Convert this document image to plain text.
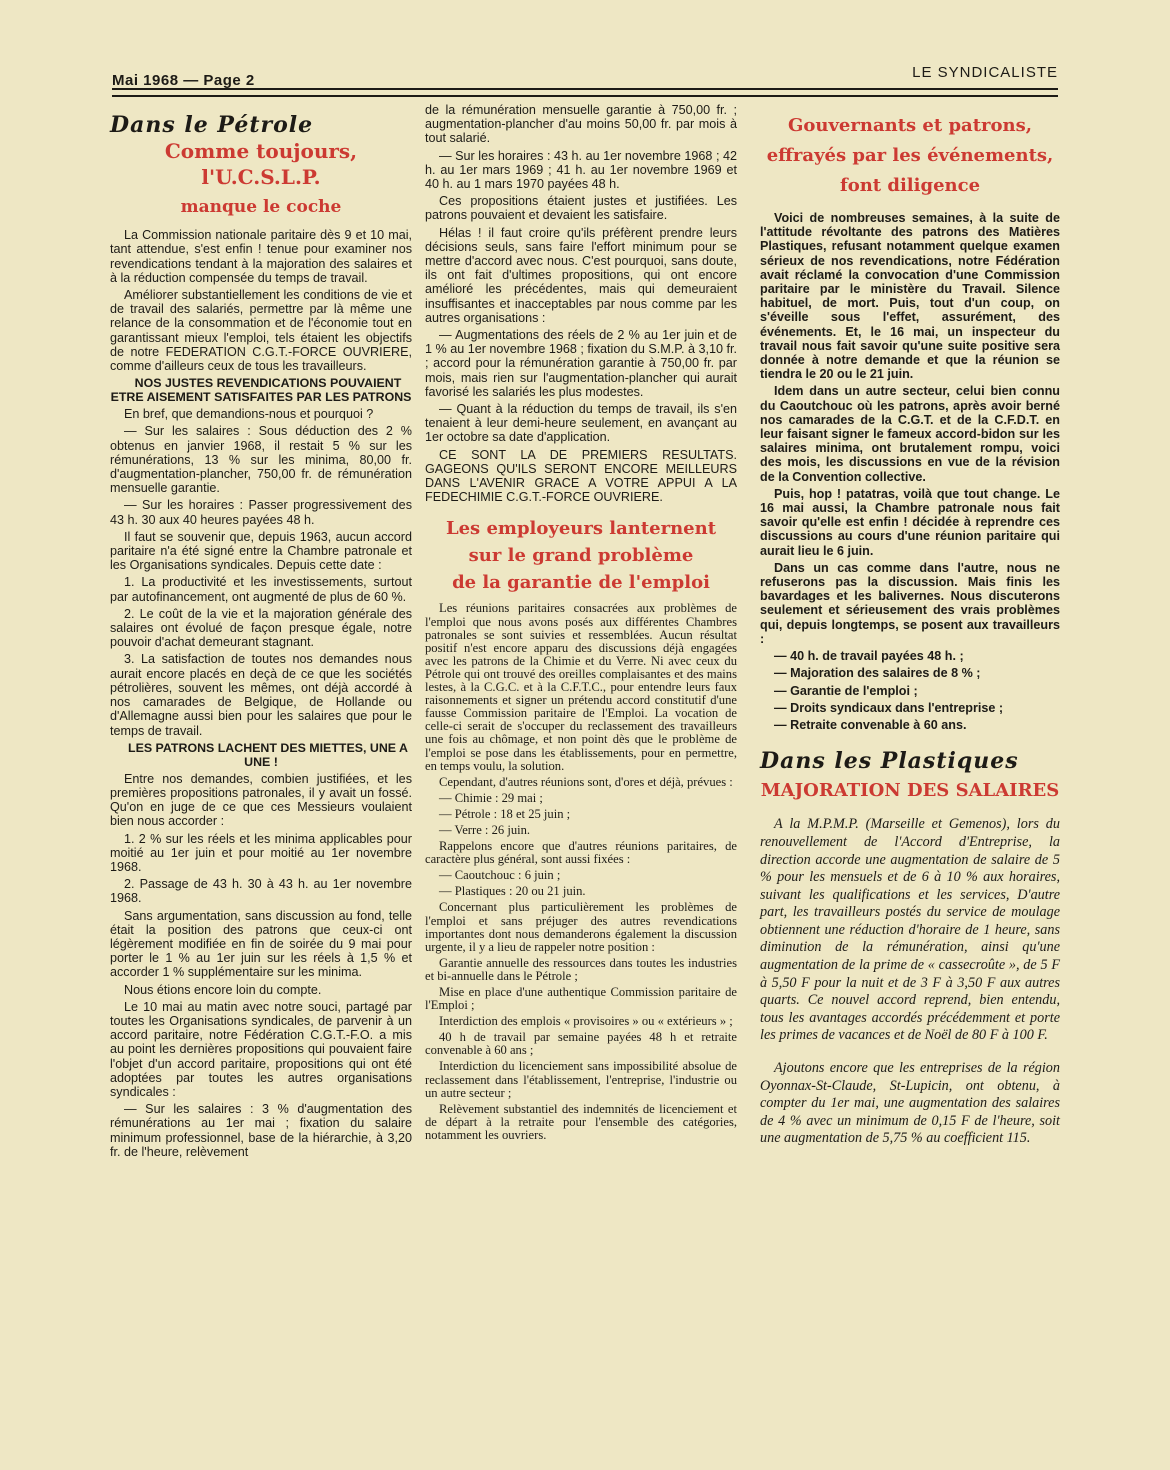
Mai 1968 — Page 2	LE SYNDICALISTE
Dans le Pétrole
Comme toujours, l'U.C.S.L.P.
manque le coche

La Commission nationale paritaire dès 9 et 10 mai, tant attendue, s'est enfin ! tenue pour examiner nos revendications tendant à la majoration des salaires et à la réduction compensée du temps de travail.

Améliorer substantiellement les conditions de vie et de travail des salariés, permettre par là même une relance de la consommation et de l'économie tout en garantissant mieux l'emploi, tels étaient les objectifs de notre FEDERATION C.G.T.-FORCE OUVRIERE, comme d'ailleurs ceux de tous les travailleurs.

NOS JUSTES REVENDICATIONS POUVAIENT ETRE AISEMENT SATISFAITES PAR LES PATRONS

En bref, que demandions-nous et pourquoi ?

— Sur les salaires : Sous déduction des 2 % obtenus en janvier 1968, il restait 5 % sur les rémunérations, 13 % sur les minima, 80,00 fr. d'augmentation-plancher, 750,00 fr. de rémunération mensuelle garantie.

— Sur les horaires : Passer progressivement des 43 h. 30 aux 40 heures payées 48 h.

Il faut se souvenir que, depuis 1963, aucun accord paritaire n'a été signé entre la Chambre patronale et les Organisations syndicales. Depuis cette date :

1. La productivité et les investissements, surtout par autofinancement, ont augmenté de plus de 60 %.

2. Le coût de la vie et la majoration générale des salaires ont évolué de façon presque égale, notre pouvoir d'achat demeurant stagnant.

3. La satisfaction de toutes nos demandes nous aurait encore placés en deçà de ce que les sociétés pétrolières, souvent les mêmes, ont déjà accordé à nos camarades de Belgique, de Hollande ou d'Allemagne aussi bien pour les salaires que pour le temps de travail.

LES PATRONS LACHENT DES MIETTES, UNE A UNE !

Entre nos demandes, combien justifiées, et les premières propositions patronales, il y avait un fossé. Qu'on en juge de ce que ces Messieurs voulaient bien nous accorder :

1. 2 % sur les réels et les minima applicables pour moitié au 1er juin et pour moitié au 1er novembre 1968.

2. Passage de 43 h. 30 à 43 h. au 1er novembre 1968.

Sans argumentation, sans discussion au fond, telle était la position des patrons que ceux-ci ont légèrement modifiée en fin de soirée du 9 mai pour porter le 1 % au 1er juin sur les réels à 1,5 % et accorder 1 % supplémentaire sur les minima.

Nous étions encore loin du compte.

Le 10 mai au matin avec notre souci, partagé par toutes les Organisations syndicales, de parvenir à un accord paritaire, notre Fédération C.G.T.-F.O. a mis au point les dernières propositions qui pouvaient faire l'objet d'un accord paritaire, propositions qui ont été adoptées par toutes les autres organisations syndicales :

— Sur les salaires : 3 % d'augmentation des rémunérations au 1er mai ; fixation du salaire minimum professionnel, base de la hiérarchie, à 3,20 fr. de l'heure, relèvement

de la rémunération mensuelle garantie à 750,00 fr. ; augmentation-plancher d'au moins 50,00 fr. par mois à tout salarié.

— Sur les horaires : 43 h. au 1er novembre 1968 ; 42 h. au 1er mars 1969 ; 41 h. au 1er novembre 1969 et 40 h. au 1 mars 1970 payées 48 h.

Ces propositions étaient justes et justifiées. Les patrons pouvaient et devaient les satisfaire.

Hélas ! il faut croire qu'ils préfèrent prendre leurs décisions seuls, sans faire l'effort minimum pour se mettre d'accord avec nous. C'est pourquoi, sans doute, ils ont fait d'ultimes propositions, qui ont encore amélioré les précédentes, mais qui demeuraient insuffisantes et inacceptables par nous comme par les autres organisations :

— Augmentations des réels de 2 % au 1er juin et de 1 % au 1er novembre 1968 ; fixation du S.M.P. à 3,10 fr. ; accord pour la rémunération garantie à 750,00 fr. par mois, mais rien sur l'augmentation-plancher qui aurait favorisé les salariés les plus modestes.

— Quant à la réduction du temps de travail, ils s'en tenaient à leur demi-heure seulement, en avançant au 1er octobre sa date d'application.

CE SONT LA DE PREMIERS RESULTATS. GAGEONS QU'ILS SERONT ENCORE MEILLEURS DANS L'AVENIR GRACE A VOTRE APPUI A LA FEDECHIMIE C.G.T.-FORCE OUVRIERE.

Les employeurs lanternent
sur le grand problème
de la garantie de l'emploi

Les réunions paritaires consacrées aux problèmes de l'emploi que nous avons posés aux différentes Chambres patronales se sont suivies et ressemblées. Aucun résultat positif n'est encore apparu des discussions déjà engagées avec les patrons de la Chimie et du Verre. Ni avec ceux du Pétrole qui ont trouvé des oreilles complaisantes et des mains lestes, à la C.G.C. et à la C.F.T.C., pour entendre leurs faux raisonnements et signer un prétendu accord constitutif d'une fausse Commission paritaire de l'Emploi. La vocation de celle-ci serait de s'occuper du reclassement des travailleurs une fois au chômage, et non point dès que le problème de l'emploi se pose dans les établissements, pour en permettre, en temps voulu, la solution.

Cependant, d'autres réunions sont, d'ores et déjà, prévues :

— Chimie : 29 mai ;

— Pétrole : 18 et 25 juin ;

— Verre : 26 juin.

Rappelons encore que d'autres réunions paritaires, de caractère plus général, sont aussi fixées :

— Caoutchouc : 6 juin ;

— Plastiques : 20 ou 21 juin.

Concernant plus particulièrement les problèmes de l'emploi et sans préjuger des autres revendications importantes dont nous demanderons également la discussion urgente, il y a lieu de rappeler notre position :

Garantie annuelle des ressources dans toutes les industries et bi-annuelle dans le Pétrole ;

Mise en place d'une authentique Commission paritaire de l'Emploi ;

Interdiction des emplois « provisoires » ou « extérieurs » ;

40 h de travail par semaine payées 48 h et retraite convenable à 60 ans ;

Interdiction du licenciement sans impossibilité absolue de reclassement dans l'établissement, l'entreprise, l'industrie ou un autre secteur ;

Relèvement substantiel des indemnités de licenciement et de départ à la retraite pour l'ensemble des catégories, notamment les ouvriers.

Gouvernants et patrons,
effrayés par les événements,
font diligence

Voici de nombreuses semaines, à la suite de l'attitude révoltante des patrons des Matières Plastiques, refusant notamment quelque examen sérieux de nos revendications, notre Fédération avait réclamé la convocation d'une Commission paritaire par le ministère du Travail. Silence habituel, de mort. Puis, tout d'un coup, on s'éveille sous l'effet, assurément, des événements. Et, le 16 mai, un inspecteur du travail nous fait savoir qu'une suite positive sera donnée à notre demande et que la réunion se tiendra le 20 ou le 21 juin.

Idem dans un autre secteur, celui bien connu du Caoutchouc où les patrons, après avoir berné nos camarades de la C.G.T. et de la C.F.D.T. en leur faisant signer le fameux accord-bidon sur les salaires minima, ont brutalement rompu, voici des mois, les discussions en vue de la révision de la Convention collective.

Puis, hop ! patatras, voilà que tout change. Le 16 mai aussi, la Chambre patronale nous fait savoir qu'elle est enfin ! décidée à reprendre ces discussions au cours d'une réunion paritaire qui aurait lieu le 6 juin.

Dans un cas comme dans l'autre, nous ne refuserons pas la discussion. Mais finis les bavardages et les balivernes. Nous discuterons seulement et sérieusement des vrais problèmes qui, depuis longtemps, se posent aux travailleurs :

— 40 h. de travail payées 48 h. ;

— Majoration des salaires de 8 % ;

— Garantie de l'emploi ;

— Droits syndicaux dans l'entreprise ;

— Retraite convenable à 60 ans.

Dans les Plastiques
MAJORATION DES SALAIRES

A la M.P.M.P. (Marseille et Gemenos), lors du renouvellement de l'Accord d'Entreprise, la direction accorde une augmentation de salaire de 5 % pour les mensuels et de 6 à 10 % aux horaires, suivant les qualifications et les services, D'autre part, les travailleurs postés du service de moulage obtiennent une réduction d'horaire de 1 heure, sans diminution de la rémunération, ainsi qu'une augmentation de la prime de « cassecroûte », de 5 F à 5,50 F pour la nuit et de 3 F à 3,50 F aux autres quarts. Ce nouvel accord reprend, bien entendu, tous les avantages accordés précédemment et porte les primes de vacances et de Noël de 80 F à 100 F.

Ajoutons encore que les entreprises de la région Oyonnax-St-Claude, St-Lupicin, ont obtenu, à compter du 1er mai, une augmentation des salaires de 4 % avec un minimum de 0,15 F de l'heure, soit une augmentation de 5,75 % au coefficient 115.
